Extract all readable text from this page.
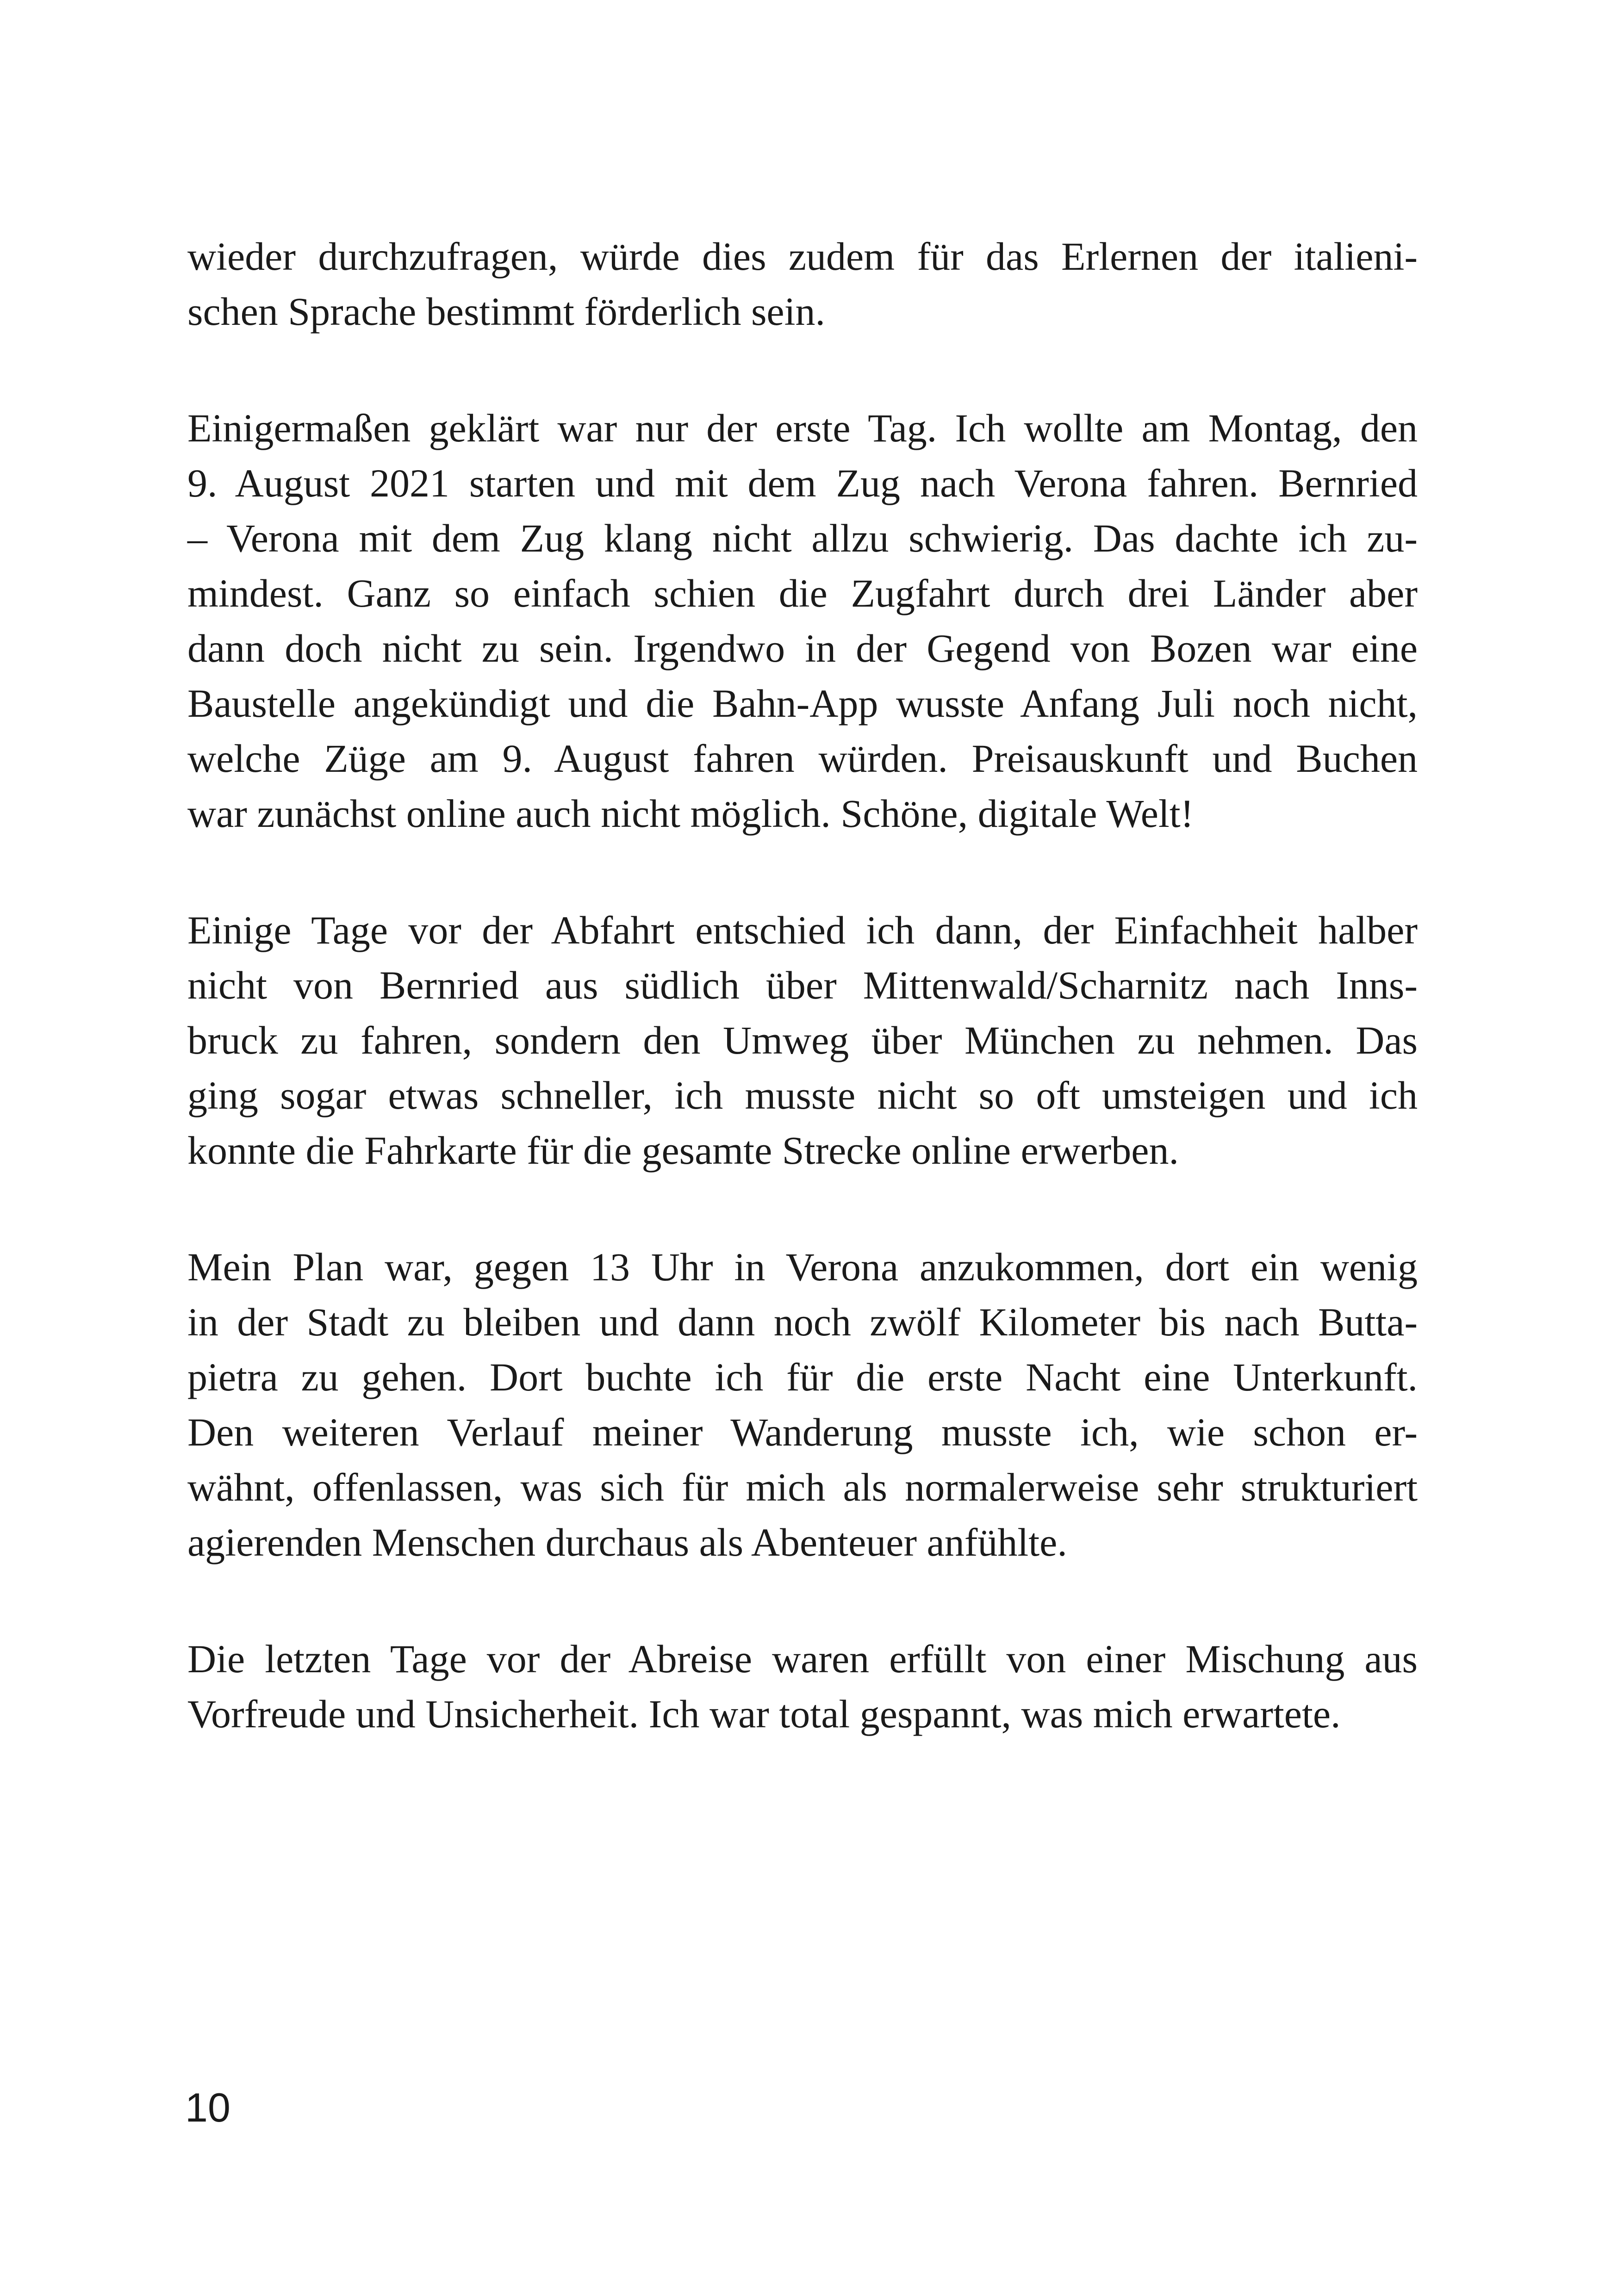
wieder durchzufragen, würde dies zudem für das Erlernen der italieni-
schen Sprache bestimmt förderlich sein.
Einigermaßen geklärt war nur der erste Tag. Ich wollte am Montag, den
9. August 2021 starten und mit dem Zug nach Verona fahren. Bernried
– Verona mit dem Zug klang nicht allzu schwierig. Das dachte ich zu-
mindest. Ganz so einfach schien die Zugfahrt durch drei Länder aber
dann doch nicht zu sein. Irgendwo in der Gegend von Bozen war eine
Baustelle angekündigt und die Bahn-App wusste Anfang Juli noch nicht,
welche Züge am 9. August fahren würden. Preisauskunft und Buchen
war zunächst online auch nicht möglich. Schöne, digitale Welt!
Einige Tage vor der Abfahrt entschied ich dann, der Einfachheit halber
nicht von Bernried aus südlich über Mittenwald/Scharnitz nach Inns-
bruck zu fahren, sondern den Umweg über München zu nehmen. Das
ging sogar etwas schneller, ich musste nicht so oft umsteigen und ich
konnte die Fahrkarte für die gesamte Strecke online erwerben.
Mein Plan war, gegen 13 Uhr in Verona anzukommen, dort ein wenig
in der Stadt zu bleiben und dann noch zwölf Kilometer bis nach Butta-
pietra zu gehen. Dort buchte ich für die erste Nacht eine Unterkunft.
Den weiteren Verlauf meiner Wanderung musste ich, wie schon er-
wähnt, offenlassen, was sich für mich als normalerweise sehr strukturiert
agierenden Menschen durchaus als Abenteuer anfühlte.
Die letzten Tage vor der Abreise waren erfüllt von einer Mischung aus
Vorfreude und Unsicherheit. Ich war total gespannt, was mich erwartete.
10
